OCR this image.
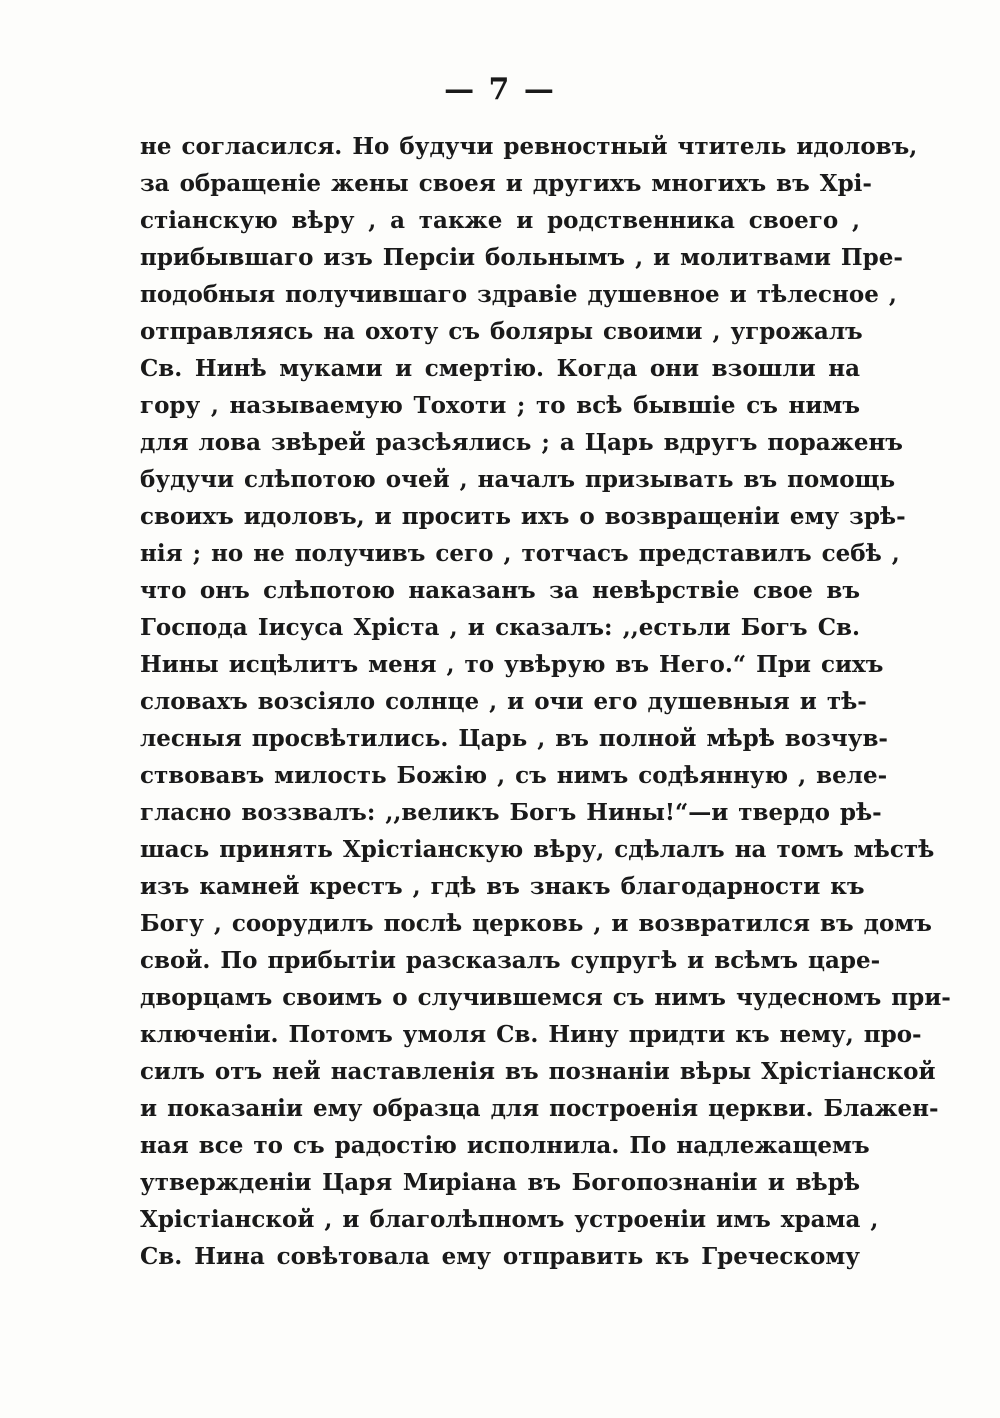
— 7 —
не согласился. Но будучи ревностный чтитель идоловъ,
за обращеніе жены своея и другихъ многихъ въ Хрі-
стіанскую вѣру , а также и родственника своего ,
прибывшаго изъ Персіи больнымъ , и молитвами Пре-
подобныя получившаго здравіе душевное и тѣлесное ,
отправляясь на охоту съ боляры своими , угрожалъ
Св. Нинѣ муками и смертію. Когда они взошли на
гору , называемую Тохоти ; то всѣ бывшіе съ нимъ
для лова звѣрей разсѣялись ; а Царь вдругъ пораженъ
будучи слѣпотою очей , началъ призывать въ помощь
своихъ идоловъ, и просить ихъ о возвращеніи ему зрѣ-
нія ; но не получивъ сего , тотчасъ представилъ себѣ ,
что онъ слѣпотою наказанъ за невѣрствіе свое въ
Господа Іисуса Хріста , и сказалъ: ,,естьли Богъ Св.
Нины исцѣлитъ меня , то увѣрую въ Него.“ При сихъ
словахъ возсіяло солнце , и очи его душевныя и тѣ-
лесныя просвѣтились. Царь , въ полной мѣрѣ возчув-
ствовавъ милость Божію , съ нимъ содѣянную , веле-
гласно воззвалъ: ,,великъ Богъ Нины!“—и твердо рѣ-
шась принять Хрістіанскую вѣру, сдѣлалъ на томъ мѣстѣ
изъ камней крестъ , гдѣ въ знакъ благодарности къ
Богу , соорудилъ послѣ церковь , и возвратился въ домъ
свой. По прибытіи разсказалъ супругѣ и всѣмъ царе-
дворцамъ своимъ о случившемся съ нимъ чудесномъ при-
ключеніи. Потомъ умоля Св. Нину придти къ нему, про-
силъ отъ ней наставленія въ познаніи вѣры Хрістіанской
и показаніи ему образца для построенія церкви. Блажен-
ная все то съ радостію исполнила. По надлежащемъ
утвержденіи Царя Миріана въ Богопознаніи и вѣрѣ
Хрістіанской , и благолѣпномъ устроеніи имъ храма ,
Св. Нина совѣтовала ему отправить къ Греческому
